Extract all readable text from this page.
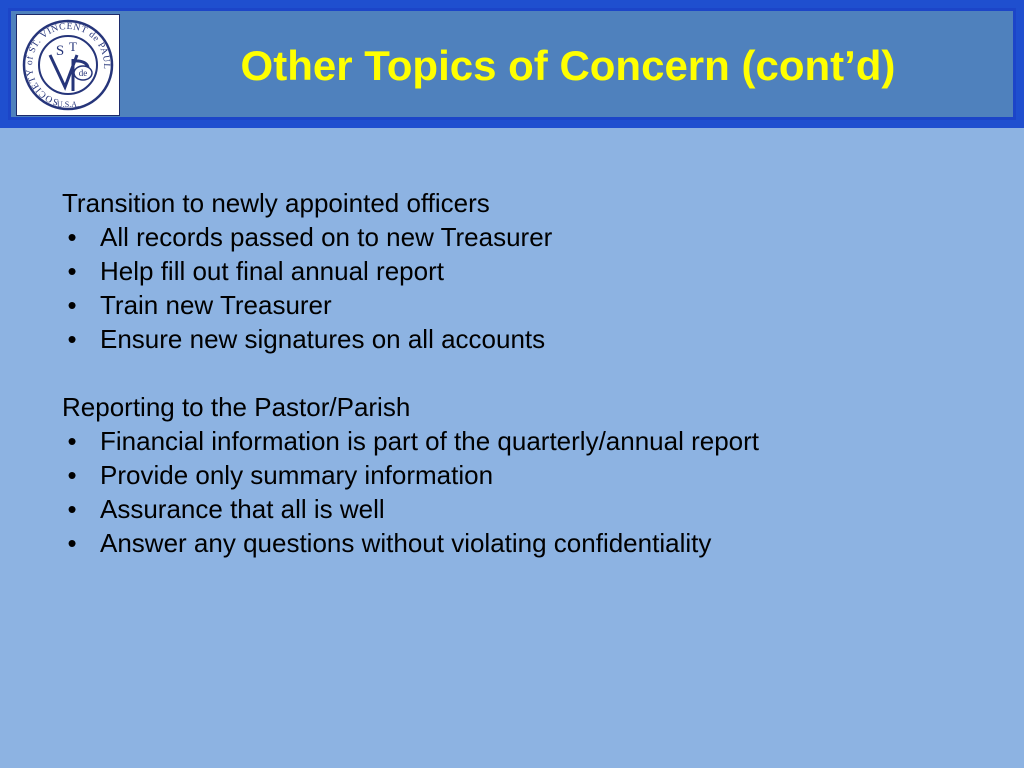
SOCIETY of ST. VINCENT de PAUL
U.S.A.
S T
de	Other Topics of Concern (cont’d)

Transition to newly appointed officers

• All records passed on to new Treasurer
• Help fill out final annual report
• Train new Treasurer
• Ensure new signatures on all accounts

Reporting to the Pastor/Parish

• Financial information is part of the quarterly/annual report
• Provide only summary information
• Assurance that all is well
• Answer any questions without violating confidentiality
